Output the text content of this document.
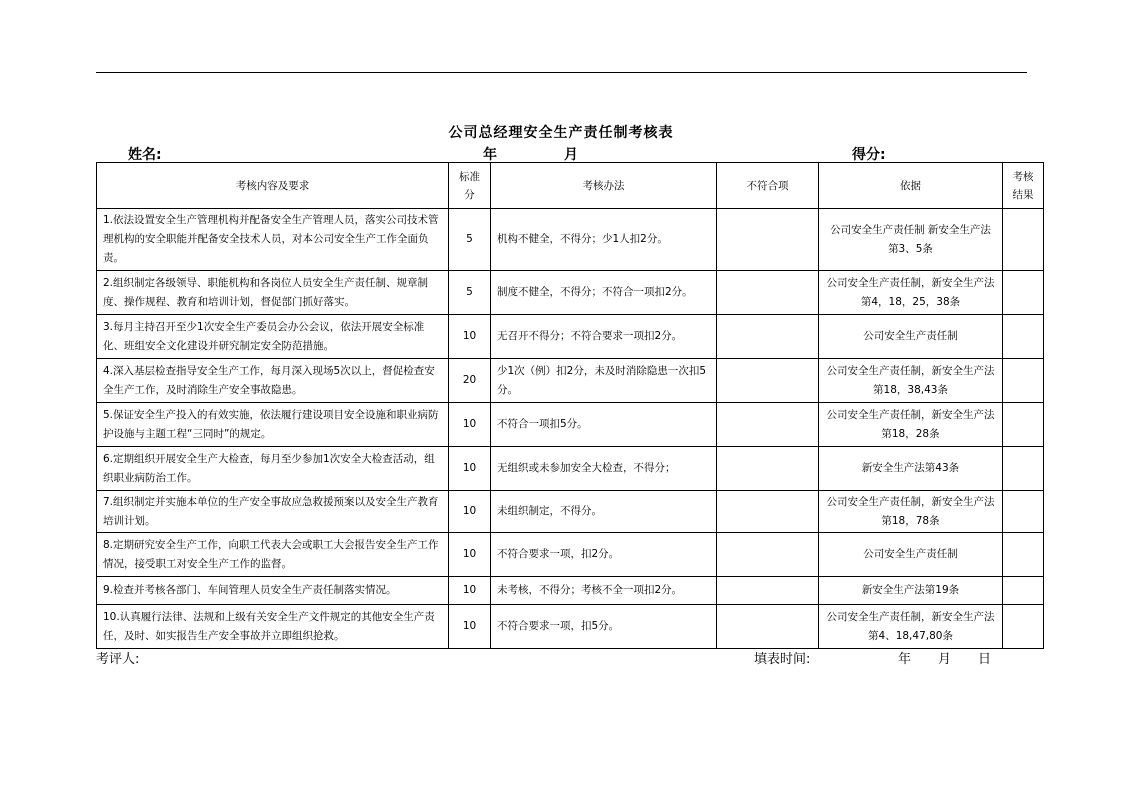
公司总经理安全生产责任制考核表
姓名:	年	月	得分:
考核内容及要求	标准分	考核办法	不符合项	依据	考核结果
1.依法设置安全生产管理机构并配备安全生产管理人员，落实公司技术管理机构的安全职能并配备安全技术人员，对本公司安全生产工作全面负责。	5	机构不健全，不得分；少1人扣2分。		公司安全生产责任制 新安全生产法第3、5条	
2.组织制定各级领导、职能机构和各岗位人员安全生产责任制、规章制度、操作规程、教育和培训计划，督促部门抓好落实。	5	制度不健全，不得分；不符合一项扣2分。		公司安全生产责任制，新安全生产法第4，18，25，38条	
3.每月主持召开至少1次安全生产委员会办公会议，依法开展安全标准化、班组安全文化建设并研究制定安全防范措施。	10	无召开不得分；不符合要求一项扣2分。		公司安全生产责任制	
4.深入基层检查指导安全生产工作，每月深入现场5次以上，督促检查安全生产工作，及时消除生产安全事故隐患。	20	少1次（例）扣2分，未及时消除隐患一次扣5分。		公司安全生产责任制，新安全生产法第18，38,43条	
5.保证安全生产投入的有效实施，依法履行建设项目安全设施和职业病防护设施与主题工程“三同时”的规定。	10	不符合一项扣5分。		公司安全生产责任制，新安全生产法第18，28条	
6.定期组织开展安全生产大检查，每月至少参加1次安全大检查活动，组织职业病防治工作。	10	无组织或未参加安全大检查，不得分；		新安全生产法第43条	
7.组织制定并实施本单位的生产安全事故应急救援预案以及安全生产教育培训计划。	10	未组织制定，不得分。		公司安全生产责任制，新安全生产法第18，78条	
8.定期研究安全生产工作，向职工代表大会或职工大会报告安全生产工作情况，接受职工对安全生产工作的监督。	10	不符合要求一项，扣2分。		公司安全生产责任制	
9.检查并考核各部门、车间管理人员安全生产责任制落实情况。	10	未考核，不得分；考核不全一项扣2分。		新安全生产法第19条	
10.认真履行法律、法规和上级有关安全生产文件规定的其他安全生产责任，及时、如实报告生产安全事故并立即组织抢救。	10	不符合要求一项，扣5分。		公司安全生产责任制，新安全生产法第4、18,47,80条	
考评人:	填表时间:	年 月 日
